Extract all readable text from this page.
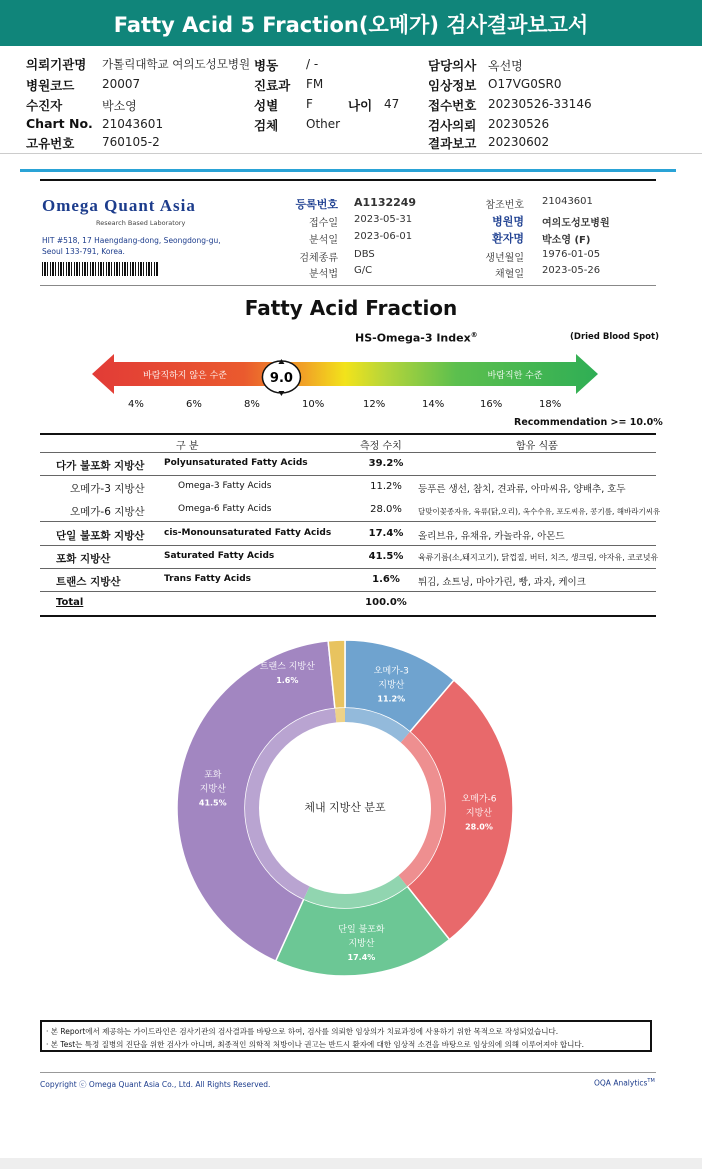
Fatty Acid 5 Fraction(오메가) 검사결과보고서
의뢰기관명 가톨릭대학교 여의도성모병원
병원코드 20007
수진자	박소영
Chart No. 21043601
고유번호 760105-2
병동 / -
진료과 FM
성별 F	나이 47
검체 Other
담당의사 옥선명
임상정보 O17VG0SR0
접수번호 20230526-33146
검사의뢰 20230526
결과보고 20230602
Omega Quant Asia
Research Based Laboratory
HIT #518, 17 Haengdang-dong, Seongdong-gu,
Seoul 133-791, Korea.
등록번호 A1132249
접수일 2023-05-31
분석일 2023-06-01
검체종류 DBS
분석법 G/C
참조번호 21043601
병원명 여의도성모병원
환자명 박소영 (F)
생년월일 1976-01-05
채혈일 2023-05-26
Fatty Acid Fraction
HS-Omega-3 Index®	(Dried Blood Spot)
바람직하지 않은 수준	바람직한 수준
9.0
4%	6%	8%	10%	12%	14%	16%	18%
Recommendation >= 10.0%
구 분	측정 수치	함유 식품
다가 불포화 지방산 Polyunsaturated Fatty Acids	39.2%
오메가-3 지방산	Omega-3 Fatty Acids	11.2%	등푸른 생선, 참치, 견과류, 아마씨유, 양배추, 호두
오메가-6 지방산	Omega-6 Fatty Acids	28.0%	달맞이꽃종자유, 육류(닭,오리), 옥수수유, 포도씨유, 콩기름, 해바라기씨유
단일 불포화 지방산 cis-Monounsaturated Fatty Acids	17.4%	올리브유, 유채유, 카놀라유, 아몬드
포화 지방산	Saturated Fatty Acids	41.5%	육류기름(소,돼지고기), 닭껍질, 버터, 치즈, 생크림, 야자유, 코코넛유
트랜스 지방산	Trans Fatty Acids	1.6%	튀김, 쇼트닝, 마아가린, 빵, 과자, 케이크
Total	100.0%
오메가-3
지방산
11.2%
오메가-6
지방산
28.0%
단일 불포화
지방산
17.4%
포화
지방산
41.5%
트랜스 지방산
1.6%
체내 지방산 분포
· 본 Report에서 제공하는 가이드라인은 검사기관의 검사결과를 바탕으로 하여, 검사를 의뢰한 임상의가 치료과정에 사용하기 위한 목적으로 작성되었습니다.
· 본 Test는 특정 질병의 진단을 위한 검사가 아니며, 최종적인 의학적 처방이나 권고는 반드시 환자에 대한 임상적 소견을 바탕으로 임상의에 의해 이루어져야 합니다.
Copyright ⓒ Omega Quant Asia Co., Ltd. All Rights Reserved.	OQA Analytics™
